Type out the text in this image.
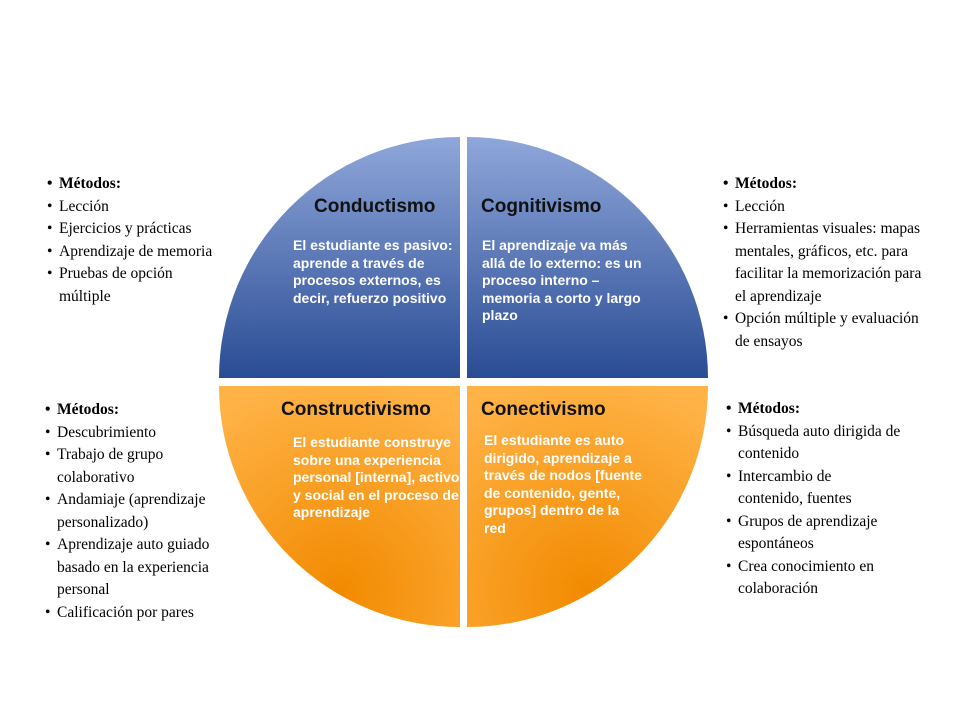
Conductismo
El estudiante es pasivo: aprende a través de procesos externos, es decir, refuerzo positivo
Cognitivismo
El aprendizaje va más allá de lo externo: es un proceso interno – memoria a corto y largo plazo
Constructivismo
El estudiante construye sobre una experiencia personal [interna], activo y social en el proceso de aprendizaje
Conectivismo
El estudiante es auto dirigido, aprendizaje a través de nodos [fuente de contenido, gente, grupos] dentro de la red
• Métodos:
• Lección
• Ejercicios y prácticas
• Aprendizaje de memoria
• Pruebas de opción múltiple
• Métodos:
• Lección
• Herramientas visuales: mapas mentales, gráficos, etc. para facilitar la memorización para el aprendizaje
• Opción múltiple y evaluación de ensayos
• Métodos:
• Descubrimiento
• Trabajo de grupo colaborativo
• Andamiaje (aprendizaje personalizado)
• Aprendizaje auto guiado basado en la experiencia personal
• Calificación por pares
• Métodos:
• Búsqueda auto dirigida de contenido
• Intercambio de contenido, fuentes
• Grupos de aprendizaje espontáneos
• Crea conocimiento en colaboración
